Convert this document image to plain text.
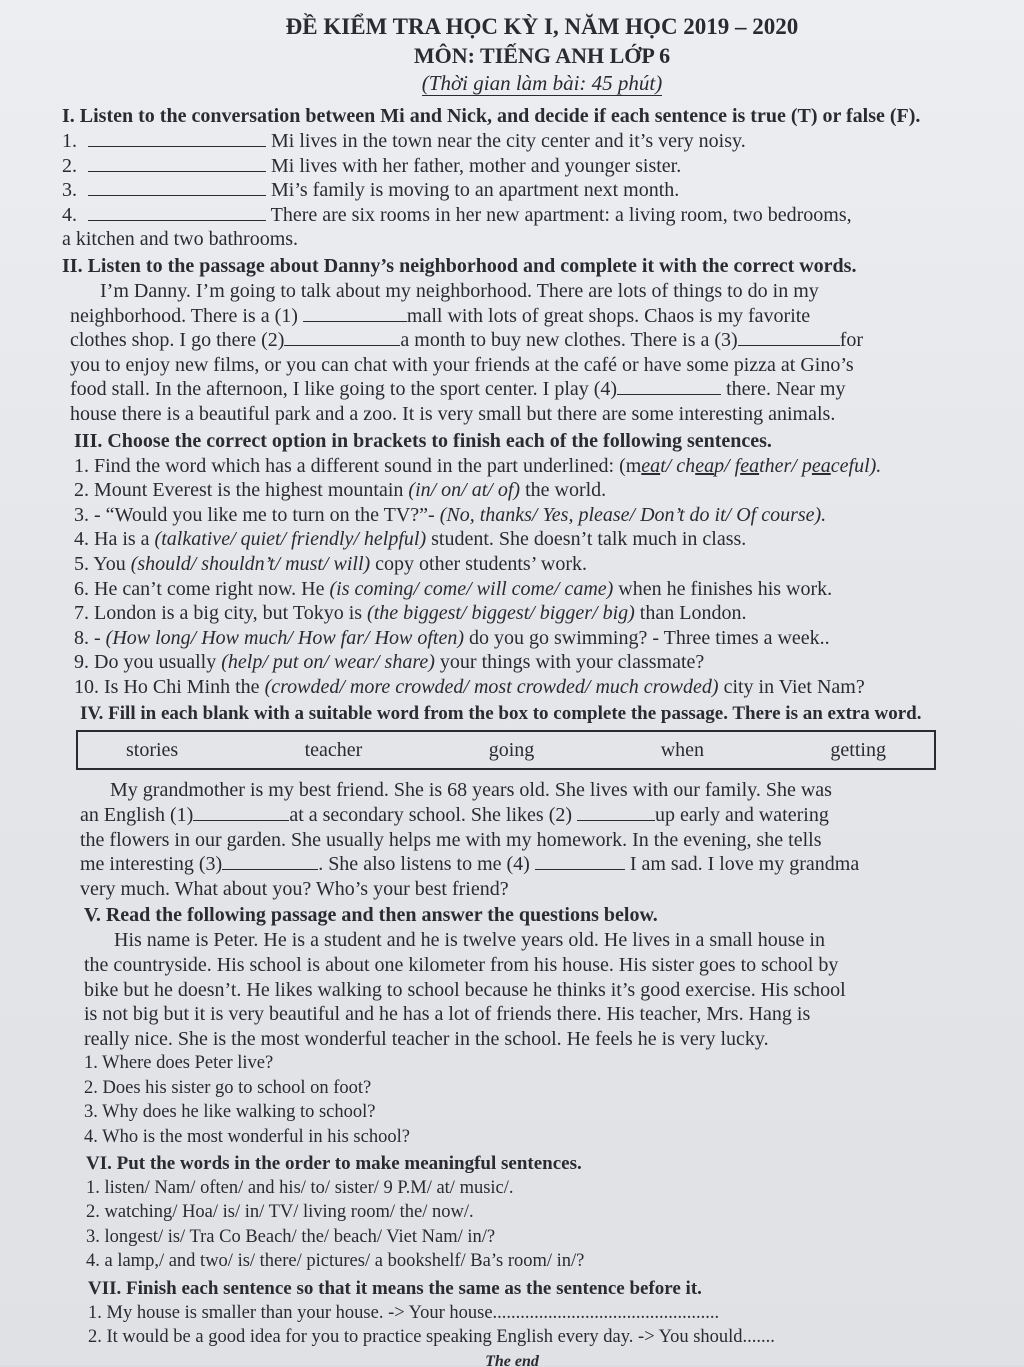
ĐỀ KIỂM TRA HỌC KỲ I, NĂM HỌC 2019 – 2020
MÔN: TIẾNG ANH LỚP 6
(Thời gian làm bài: 45 phút)
I. Listen to the conversation between Mi and Nick, and decide if each sentence is true (T) or false (F).
1.	Mi lives in the town near the city center and it’s very noisy.
2.	Mi lives with her father, mother and younger sister.
3.	Mi’s family is moving to an apartment next month.
4.	There are six rooms in her new apartment: a living room, two bedrooms,
a kitchen and two bathrooms.
II. Listen to the passage about Danny’s neighborhood and complete it with the correct words.
I’m Danny. I’m going to talk about my neighborhood. There are lots of things to do in my
neighborhood. There is a (1)	mall with lots of great shops. Chaos is my favorite
clothes shop. I go there (2)	a month to buy new clothes. There is a (3)	for
you to enjoy new films, or you can chat with your friends at the café or have some pizza at Gino’s
food stall. In the afternoon, I like going to the sport center. I play (4)	there. Near my
house there is a beautiful park and a zoo. It is very small but there are some interesting animals.
III. Choose the correct option in brackets to finish each of the following sentences.
1. Find the word which has a different sound in the part underlined: (meat/ cheap/ feather/ peaceful).
2. Mount Everest is the highest mountain (in/ on/ at/ of) the world.
3. - “Would you like me to turn on the TV?”- (No, thanks/ Yes, please/ Don’t do it/ Of course).
4. Ha is a (talkative/ quiet/ friendly/ helpful) student. She doesn’t talk much in class.
5. You (should/ shouldn’t/ must/ will) copy other students’ work.
6. He can’t come right now. He (is coming/ come/ will come/ came) when he finishes his work.
7. London is a big city, but Tokyo is (the biggest/ biggest/ bigger/ big) than London.
8. - (How long/ How much/ How far/ How often) do you go swimming? - Three times a week..
9. Do you usually (help/ put on/ wear/ share) your things with your classmate?
10. Is Ho Chi Minh the (crowded/ more crowded/ most crowded/ much crowded) city in Viet Nam?
IV. Fill in each blank with a suitable word from the box to complete the passage. There is an extra word.
stories	teacher	going	when	getting
My grandmother is my best friend. She is 68 years old. She lives with our family. She was
an English (1)	at a secondary school. She likes (2)	up early and watering
the flowers in our garden. She usually helps me with my homework. In the evening, she tells
me interesting (3)	. She also listens to me (4)	I am sad. I love my grandma
very much. What about you? Who’s your best friend?
V. Read the following passage and then answer the questions below.
His name is Peter. He is a student and he is twelve years old. He lives in a small house in
the countryside. His school is about one kilometer from his house. His sister goes to school by
bike but he doesn’t. He likes walking to school because he thinks it’s good exercise. His school
is not big but it is very beautiful and he has a lot of friends there. His teacher, Mrs. Hang is
really nice. She is the most wonderful teacher in the school. He feels he is very lucky.
1. Where does Peter live?
2. Does his sister go to school on foot?
3. Why does he like walking to school?
4. Who is the most wonderful in his school?
VI. Put the words in the order to make meaningful sentences.
1. listen/ Nam/ often/ and his/ to/ sister/ 9 P.M/ at/ music/.
2. watching/ Hoa/ is/ in/ TV/ living room/ the/ now/.
3. longest/ is/ Tra Co Beach/ the/ beach/ Viet Nam/ in/?
4. a lamp,/ and two/ is/ there/ pictures/ a bookshelf/ Ba’s room/ in/?
VII. Finish each sentence so that it means the same as the sentence before it.
1. My house is smaller than your house. -> Your house.................................................
2. It would be a good idea for you to practice speaking English every day. -> You should.......
The end
